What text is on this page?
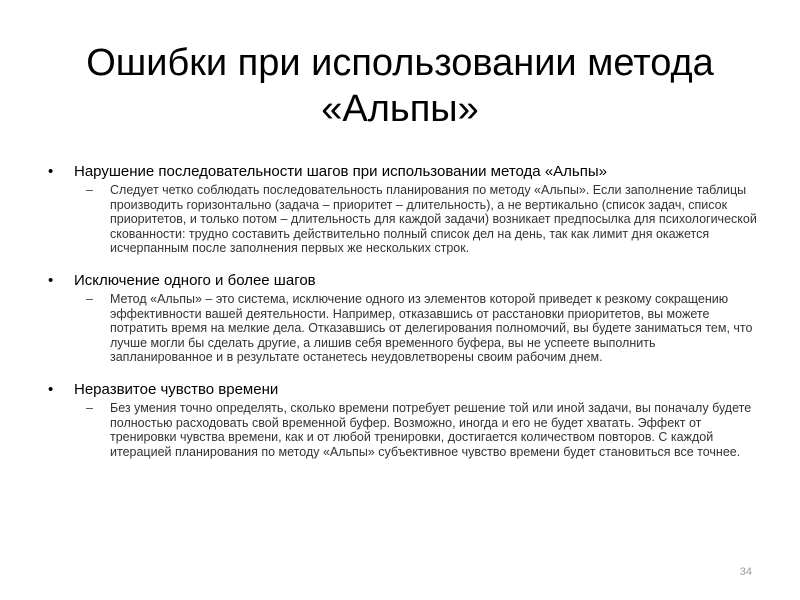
Ошибки при использовании метода «Альпы»
• Нарушение последовательности шагов при использовании метода «Альпы»

– Следует четко соблюдать последовательность планирования по методу «Альпы». Если заполнение таблицы производить горизонтально (задача – приоритет – длительность), а не вертикально (список задач, список приоритетов, и только потом – длительность для каждой задачи) возникает предпосылка для психологической скованности: трудно составить действительно полный список дел на день, так как лимит дня окажется исчерпанным после заполнения первых же нескольких строк.

• Исключение одного и более шагов

– Метод «Альпы» – это система, исключение одного из элементов которой приведет к резкому сокращению эффективности вашей деятельности. Например, отказавшись от расстановки приоритетов, вы можете потратить время на мелкие дела. Отказавшись от делегирования полномочий, вы будете заниматься тем, что лучше могли бы сделать другие, а лишив себя временного буфера, вы не успеете выполнить запланированное и в результате останетесь неудовлетворены своим рабочим днем.

• Неразвитое чувство времени

– Без умения точно определять, сколько времени потребует решение той или иной задачи, вы поначалу будете полностью расходовать свой временной буфер. Возможно, иногда и его не будет хватать. Эффект от тренировки чувства времени, как и от любой тренировки, достигается количеством повторов. С каждой итерацией планирования по методу «Альпы» субъективное чувство времени будет становиться все точнее.

34
